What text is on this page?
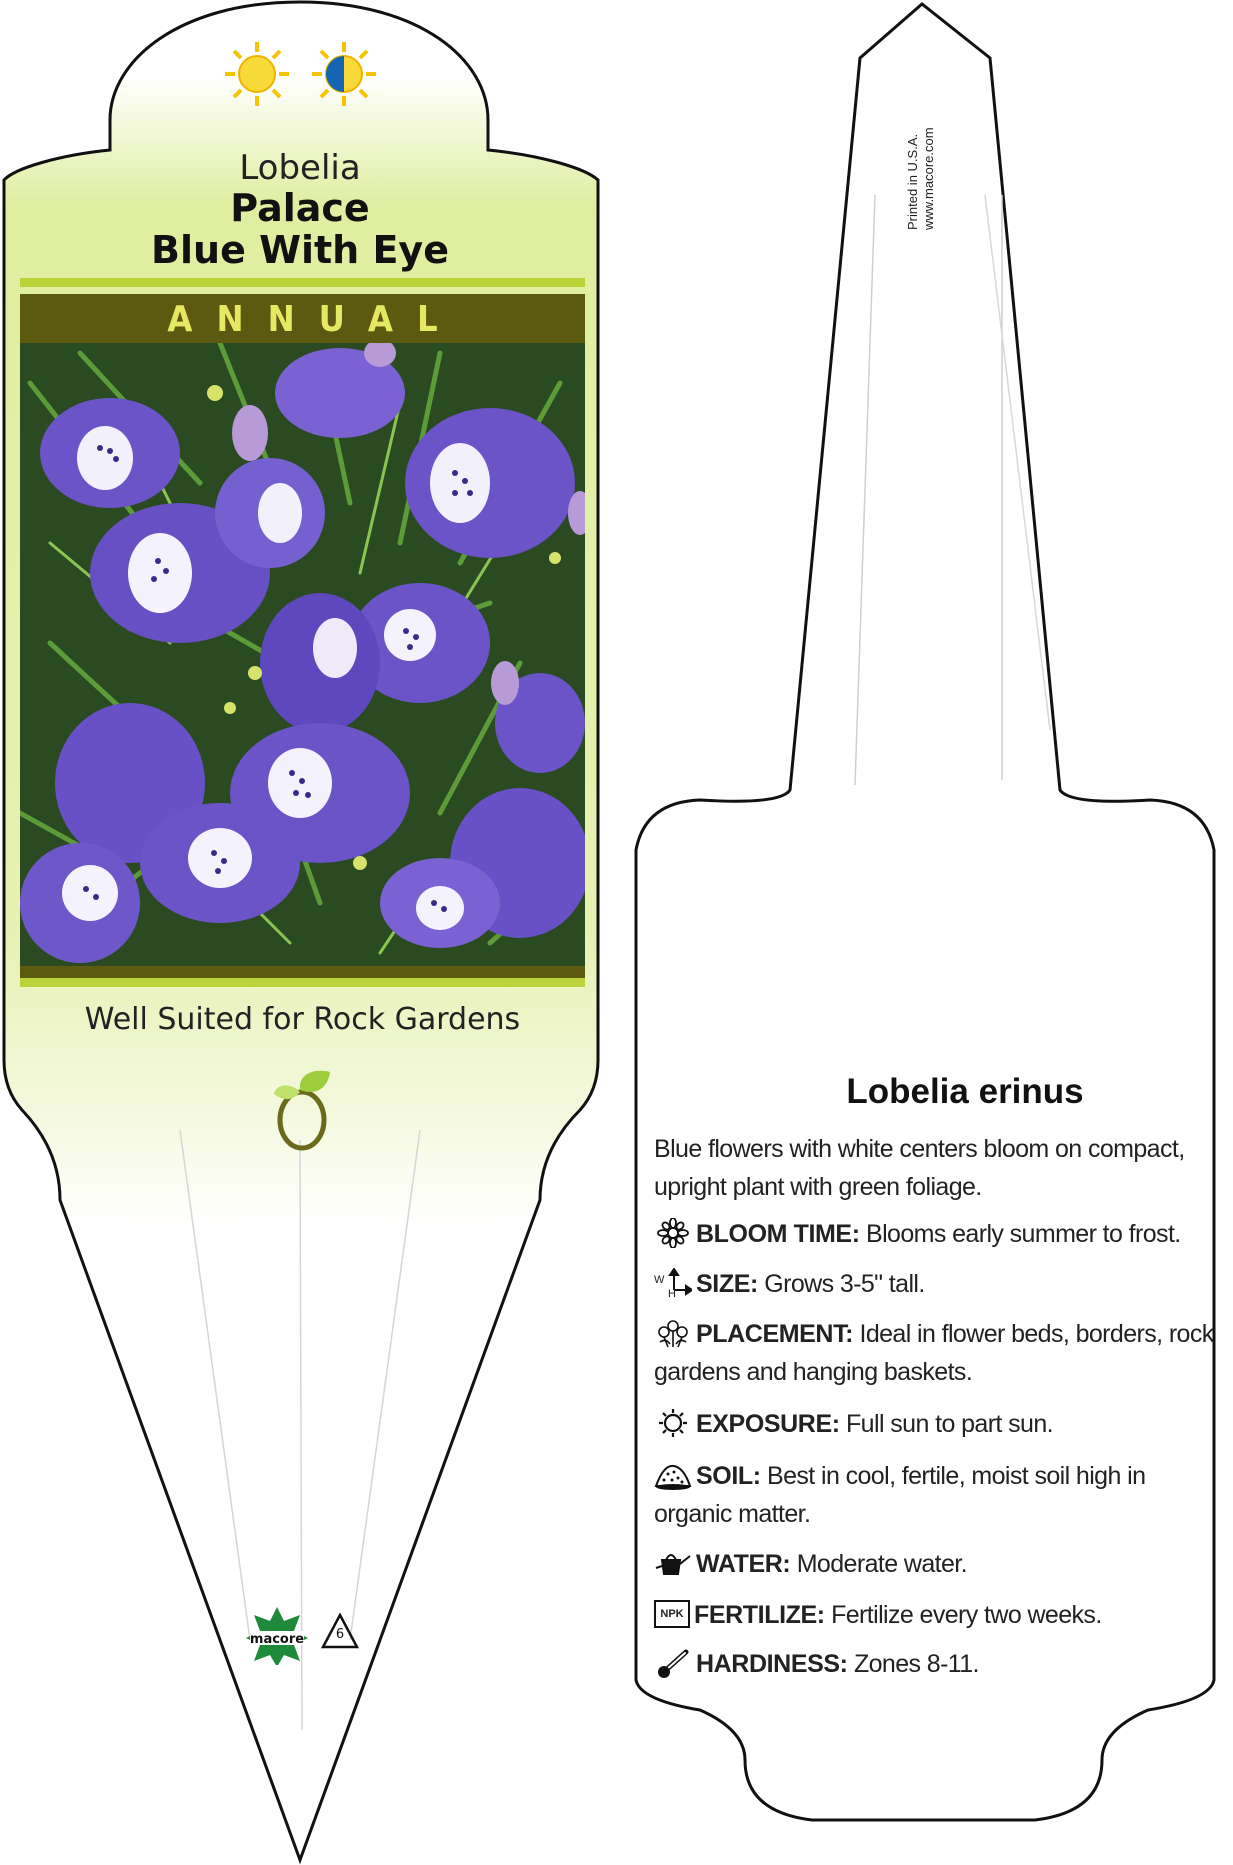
Lobelia
Palace
Blue With Eye
ANNUAL
Well Suited for Rock Gardens
macore	6
Printed in U.S.A. www.macore.com
Lobelia erinus
Blue flowers with white centers bloom on compact, upright plant with green foliage.
BLOOM TIME: Blooms early summer to frost.
W
H SIZE: Grows 3-5" tall.
PLACEMENT: Ideal in flower beds, borders, rock gardens and hanging baskets.
EXPOSURE: Full sun to part sun.
SOIL: Best in cool, fertile, moist soil high in organic matter.
WATER: Moderate water.
NPK FERTILIZE: Fertilize every two weeks.
HARDINESS: Zones 8-11.
